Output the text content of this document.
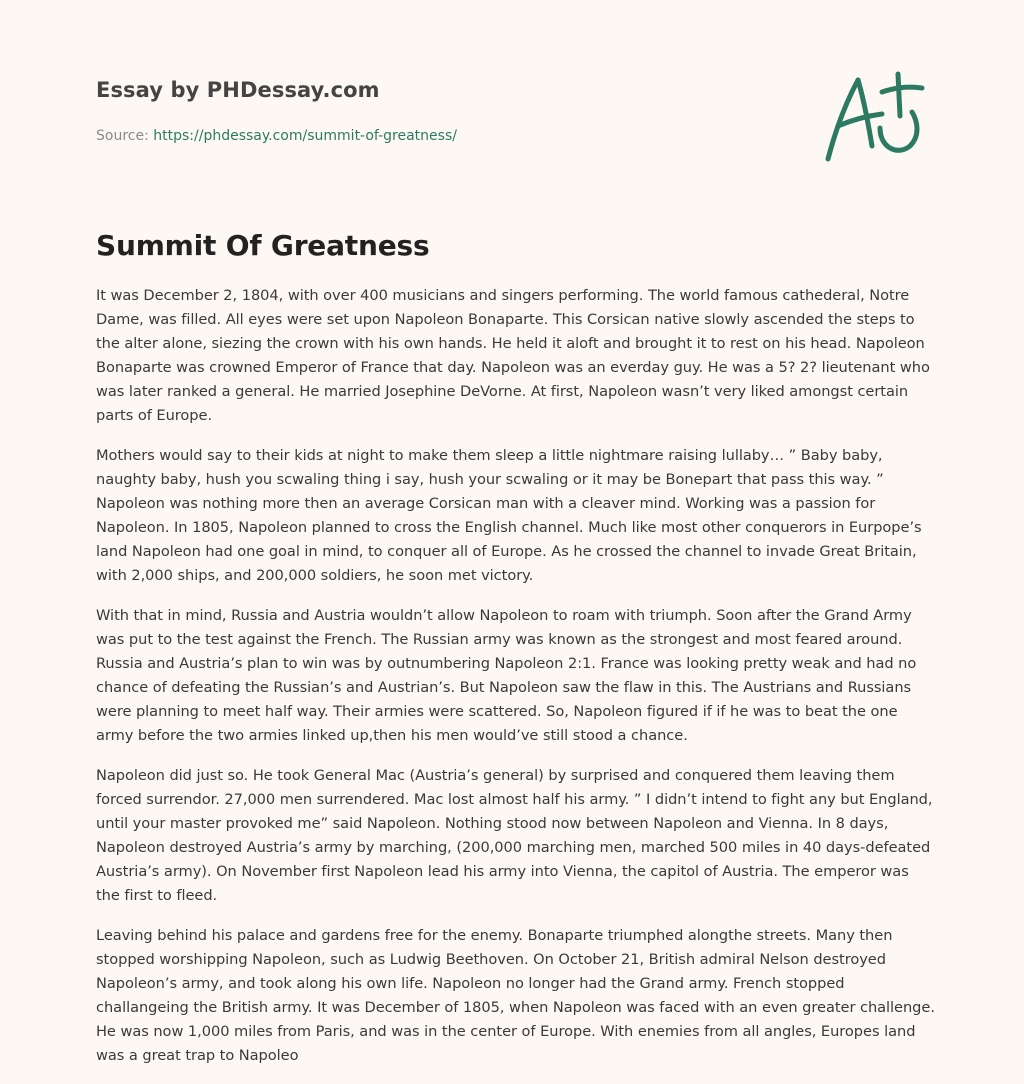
Essay by PHDessay.com
Source: https://phdessay.com/summit-of-greatness/
Summit Of Greatness

It was December 2, 1804, with over 400 musicians and singers performing. The world famous cathederal, Notre Dame, was filled. All eyes were set upon Napoleon Bonaparte. This Corsican native slowly ascended the steps to the alter alone, siezing the crown with his own hands. He held it aloft and brought it to rest on his head. Napoleon Bonaparte was crowned Emperor of France that day. Napoleon was an everday guy. He was a 5? 2? lieutenant who was later ranked a general. He married Josephine DeVorne. At first, Napoleon wasn’t very liked amongst certain parts of Europe.

Mothers would say to their kids at night to make them sleep a little nightmare raising lullaby… ” Baby baby, naughty baby, hush you scwaling thing i say, hush your scwaling or it may be Bonepart that pass this way. ” Napoleon was nothing more then an average Corsican man with a cleaver mind. Working was a passion for Napoleon. In 1805, Napoleon planned to cross the English channel. Much like most other conquerors in Eurpope’s land Napoleon had one goal in mind, to conquer all of Europe. As he crossed the channel to invade Great Britain, with 2,000 ships, and 200,000 soldiers, he soon met victory.

With that in mind, Russia and Austria wouldn’t allow Napoleon to roam with triumph. Soon after the Grand Army was put to the test against the French. The Russian army was known as the strongest and most feared around. Russia and Austria’s plan to win was by outnumbering Napoleon 2:1. France was looking pretty weak and had no chance of defeating the Russian’s and Austrian’s. But Napoleon saw the flaw in this. The Austrians and Russians were planning to meet half way. Their armies were scattered. So, Napoleon figured if if he was to beat the one army before the two armies linked up,then his men would’ve still stood a chance.

Napoleon did just so. He took General Mac (Austria’s general) by surprised and conquered them leaving them forced surrendor. 27,000 men surrendered. Mac lost almost half his army. ” I didn’t intend to fight any but England, until your master provoked me” said Napoleon. Nothing stood now between Napoleon and Vienna. In 8 days, Napoleon destroyed Austria’s army by marching, (200,000 marching men, marched 500 miles in 40 days-defeated Austria’s army). On November first Napoleon lead his army into Vienna, the capitol of Austria. The emperor was the first to fleed.

Leaving behind his palace and gardens free for the enemy. Bonaparte triumphed alongthe streets. Many then stopped worshipping Napoleon, such as Ludwig Beethoven. On October 21, British admiral Nelson destroyed Napoleon’s army, and took along his own life. Napoleon no longer had the Grand army. French stopped challangeing the British army. It was December of 1805, when Napoleon was faced with an even greater challenge. He was now 1,000 miles from Paris, and was in the center of Europe. With enemies from all angles, Europes land was a great trap to Napoleo
